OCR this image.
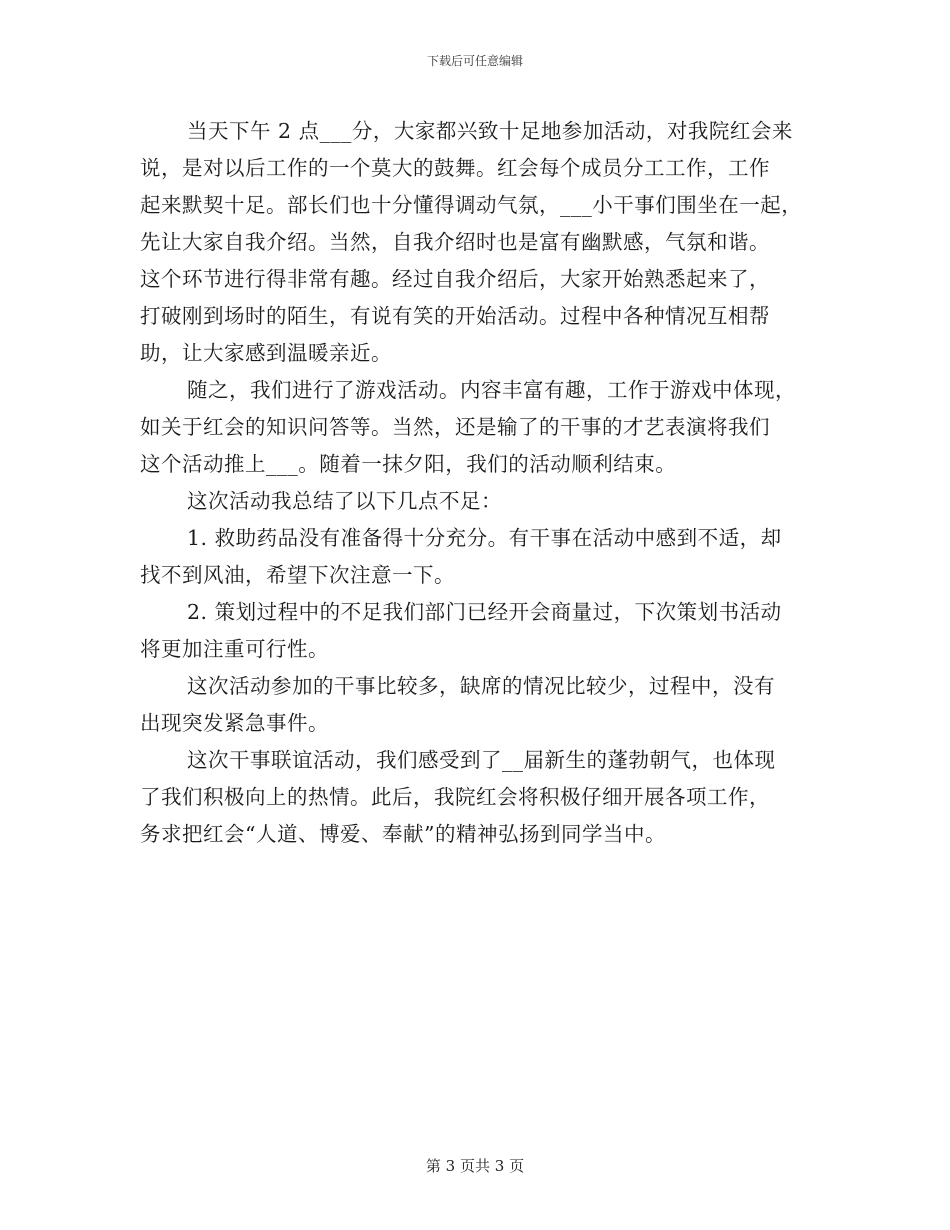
下载后可任意编辑
当天下午 2 点___分，大家都兴致十足地参加活动，对我院红会来
说，是对以后工作的一个莫大的鼓舞。红会每个成员分工工作，工作
起来默契十足。部长们也十分懂得调动气氛，___小干事们围坐在一起，
先让大家自我介绍。当然，自我介绍时也是富有幽默感，气氛和谐。
这个环节进行得非常有趣。经过自我介绍后，大家开始熟悉起来了，
打破刚到场时的陌生，有说有笑的开始活动。过程中各种情况互相帮
助，让大家感到温暖亲近。
随之，我们进行了游戏活动。内容丰富有趣，工作于游戏中体现，
如关于红会的知识问答等。当然，还是输了的干事的才艺表演将我们
这个活动推上___。随着一抹夕阳，我们的活动顺利结束。
这次活动我总结了以下几点不足：
1. 救助药品没有准备得十分充分。有干事在活动中感到不适，却
找不到风油，希望下次注意一下。
2. 策划过程中的不足我们部门已经开会商量过，下次策划书活动
将更加注重可行性。
这次活动参加的干事比较多，缺席的情况比较少，过程中，没有
出现突发紧急事件。
这次干事联谊活动，我们感受到了__届新生的蓬勃朝气，也体现
了我们积极向上的热情。此后，我院红会将积极仔细开展各项工作，
务求把红会“人道、博爱、奉献”的精神弘扬到同学当中。
第 3 页共 3 页
